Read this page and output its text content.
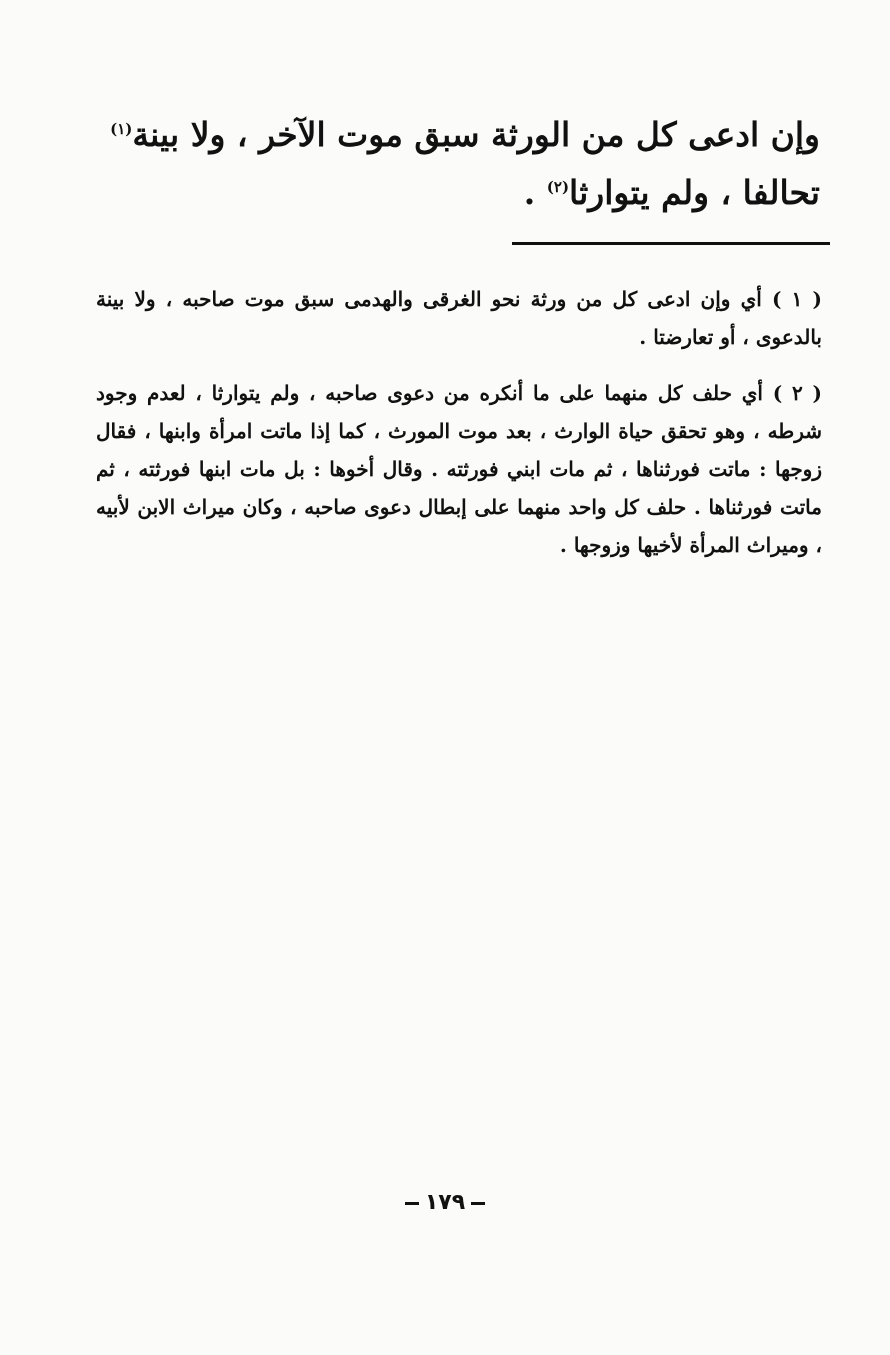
وإن ادعى كل من الورثة سبق موت الآخر ، ولا بينة$^{(١)}$
تحالفا ، ولم يتوارثا$^{(٢)}$ .

( ١ ) أي وإن ادعى كل من ورثة نحو الغرقى والهدمى سبق موت صاحبه ، ولا بينة بالدعوى ، أو تعارضتا .

( ٢ ) أي حلف كل منهما على ما أنكره من دعوى صاحبه ، ولم يتوارثا ، لعدم وجود شرطه ، وهو تحقق حياة الوارث ، بعد موت المورث ، كما إذا ماتت امرأة وابنها ، فقال زوجها : ماتت فورثناها ، ثم مات ابني فورثته . وقال أخوها : بل مات ابنها فورثته ، ثم ماتت فورثناها . حلف كل واحد منهما على إبطال دعوى صاحبه ، وكان ميراث الابن لأبيه ، وميراث المرأة لأخيها وزوجها .

١٧٩
